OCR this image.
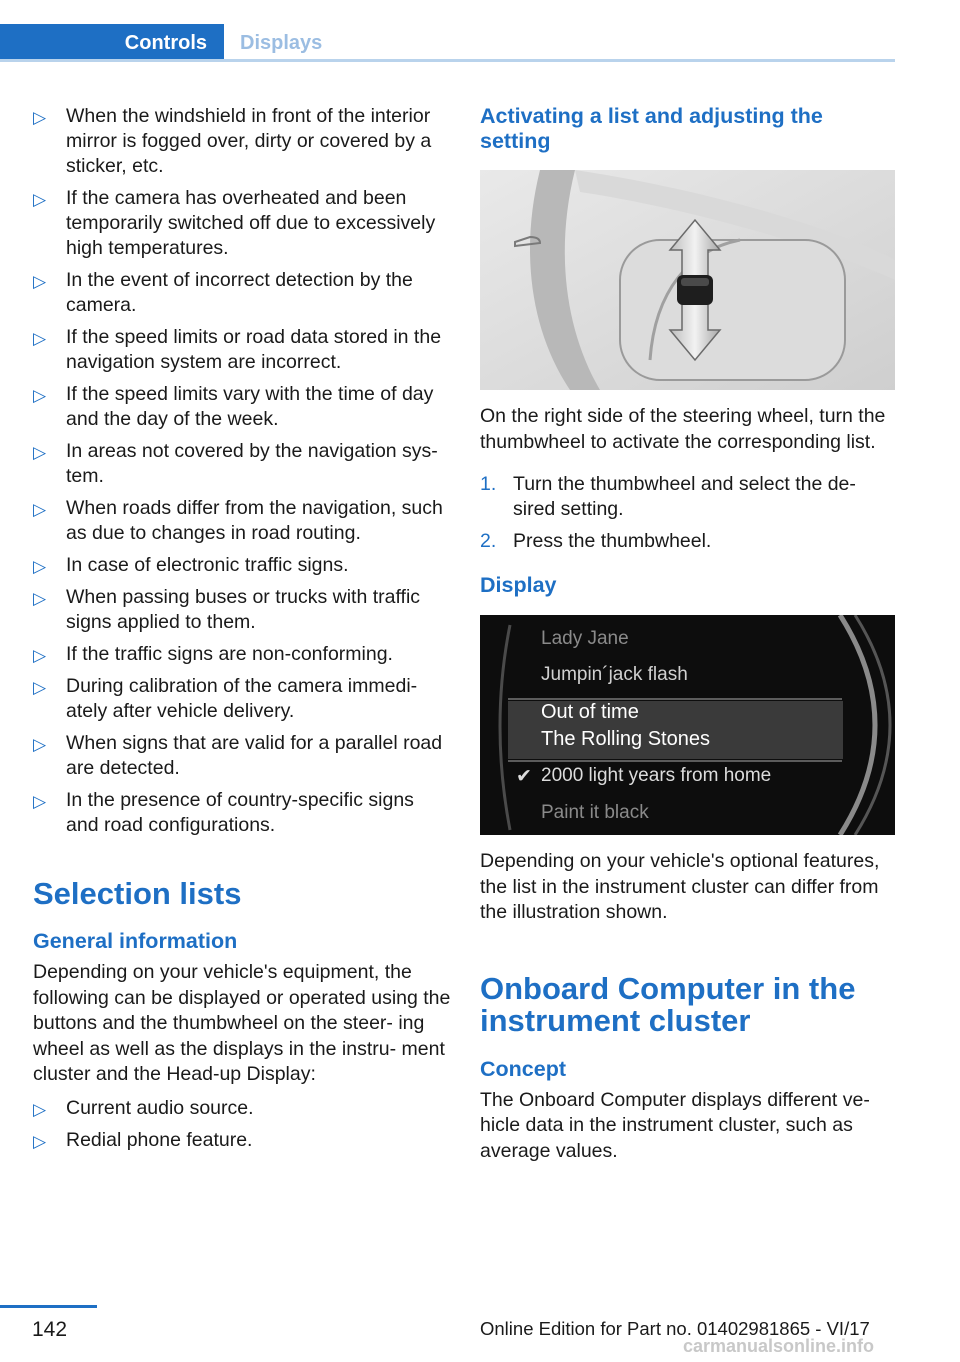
Controls	Displays
▷ When the windshield in front of the interior mirror is fogged over, dirty or covered by a sticker, etc.
▷ If the camera has overheated and been temporarily switched off due to excessively high temperatures.
▷ In the event of incorrect detection by the camera.
▷ If the speed limits or road data stored in the navigation system are incorrect.
▷ If the speed limits vary with the time of day and the day of the week.
▷ In areas not covered by the navigation sys‐ tem.
▷ When roads differ from the navigation, such as due to changes in road routing.
▷ In case of electronic traffic signs.
▷ When passing buses or trucks with traffic signs applied to them.
▷ If the traffic signs are non-conforming.
▷ During calibration of the camera immedi‐ ately after vehicle delivery.
▷ When signs that are valid for a parallel road are detected.
▷ In the presence of country-specific signs and road configurations.
Selection lists
General information

Depending on your vehicle's equipment, the following can be displayed or operated using the buttons and the thumbwheel on the steer‐ ing wheel as well as the displays in the instru‐ ment cluster and the Head-up Display:

▷ Current audio source.
▷ Redial phone feature.
Activating a list and adjusting the setting

On the right side of the steering wheel, turn the thumbwheel to activate the corresponding list.

1. Turn the thumbwheel and select the de‐ sired setting.
2. Press the thumbwheel.
Display
Lady Jane
Jumpin´jack flash
Out of time
The Rolling Stones
✔ 2000 light years from home
Paint it black

Depending on your vehicle's optional features, the list in the instrument cluster can differ from the illustration shown.

Onboard Computer in the instrument cluster
Concept

The Onboard Computer displays different ve‐ hicle data in the instrument cluster, such as average values.

142	Online Edition for Part no. 01402981865 - VI/17
carmanualsonline.info
